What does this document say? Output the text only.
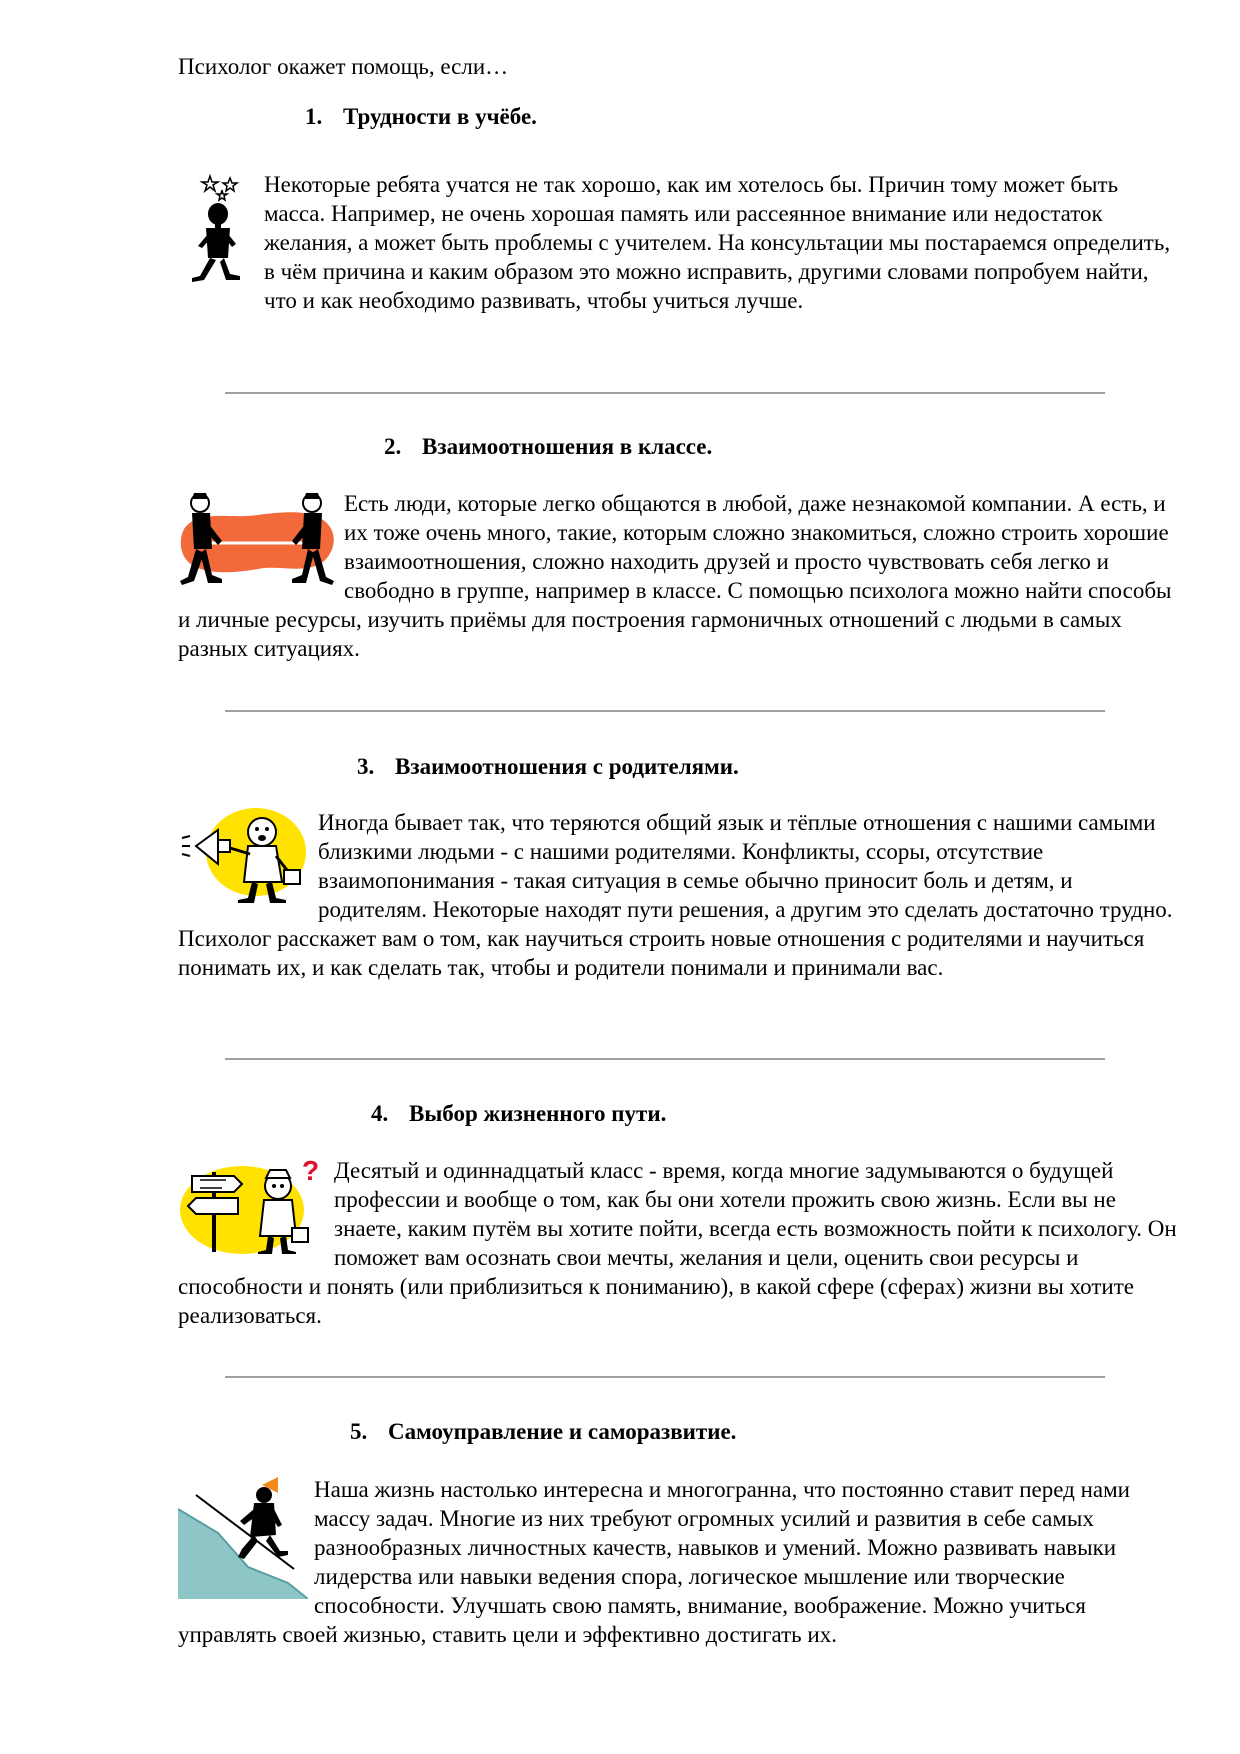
Психолог окажет помощь, если…

1. Трудности в учёбе.
Некоторые ребята учатся не так хорошо, как им хотелось бы. Причин тому может быть масса. Например, не очень хорошая память или рассеянное внимание или недостаток желания, а может быть проблемы с учителем. На консультации мы постараемся определить, в чём причина и каким образом это можно исправить, другими словами попробуем найти, что и как необходимо развивать, чтобы учиться лучше.
2. Взаимоотношения в классе.
Есть люди, которые легко общаются в любой, даже незнакомой компании. А есть, и их тоже очень много, такие, которым сложно знакомиться, сложно строить хорошие взаимоотношения, сложно находить друзей и просто чувствовать себя легко и свободно в группе, например в классе. С помощью психолога можно найти способы и личные ресурсы, изучить приёмы для построения гармоничных отношений с людьми в самых разных ситуациях.
3. Взаимоотношения с родителями.
Иногда бывает так, что теряются общий язык и тёплые отношения с нашими самыми близкими людьми - с нашими родителями. Конфликты, ссоры, отсутствие взаимопонимания - такая ситуация в семье обычно приносит боль и детям, и родителям. Некоторые находят пути решения, а другим это сделать достаточно трудно. Психолог расскажет вам о том, как научиться строить новые отношения с родителями и научиться понимать их, и как сделать так, чтобы и родители понимали и принимали вас.
4. Выбор жизненного пути.
? Десятый и одиннадцатый класс - время, когда многие задумываются о будущей профессии и вообще о том, как бы они хотели прожить свою жизнь. Если вы не знаете, каким путём вы хотите пойти, всегда есть возможность пойти к психологу. Он поможет вам осознать свои мечты, желания и цели, оценить свои ресурсы и способности и понять (или приблизиться к пониманию), в какой сфере (сферах) жизни вы хотите реализоваться.
5. Самоуправление и саморазвитие.
Наша жизнь настолько интересна и многогранна, что постоянно ставит перед нами массу задач. Многие из них требуют огромных усилий и развития в себе самых разнообразных личностных качеств, навыков и умений. Можно развивать навыки лидерства или навыки ведения спора, логическое мышление или творческие способности. Улучшать свою память, внимание, воображение. Можно учиться управлять своей жизнью, ставить цели и эффективно достигать их.
